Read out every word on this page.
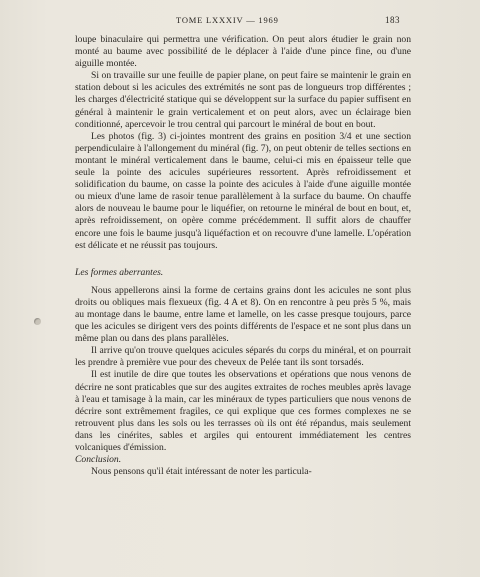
TOME LXXXIV — 1969	183

loupe binaculaire qui permettra une vérification. On peut alors étudier le grain non monté au baume avec possibilité de le déplacer à l'aide d'une pince fine, ou d'une aiguille montée.

Si on travaille sur une feuille de papier plane, on peut faire se maintenir le grain en station debout si les acicules des extrémités ne sont pas de longueurs trop différentes ; les charges d'électricité statique qui se développent sur la surface du papier suffisent en général à maintenir le grain verticalement et on peut alors, avec un éclairage bien conditionné, apercevoir le trou central qui parcourt le minéral de bout en bout.

Les photos (fig. 3) ci-jointes montrent des grains en position 3/4 et une section perpendiculaire à l'allongement du minéral (fig. 7), on peut obtenir de telles sections en montant le minéral verticalement dans le baume, celui-ci mis en épaisseur telle que seule la pointe des acicules supérieures ressortent. Après refroidissement et solidification du baume, on casse la pointe des acicules à l'aide d'une aiguille montée ou mieux d'une lame de rasoir tenue parallèlement à la surface du baume. On chauffe alors de nouveau le baume pour le liquéfier, on retourne le minéral de bout en bout, et, après refroidissement, on opère comme précédemment. Il suffit alors de chauffer encore une fois le baume jusqu'à liquéfaction et on recouvre d'une lamelle. L'opération est délicate et ne réussit pas toujours.

Les formes aberrantes.

Nous appellerons ainsi la forme de certains grains dont les acicules ne sont plus droits ou obliques mais flexueux (fig. 4 A et 8). On en rencontre à peu près 5 %, mais au montage dans le baume, entre lame et lamelle, on les casse presque toujours, parce que les acicules se dirigent vers des points différents de l'espace et ne sont plus dans un même plan ou dans des plans parallèles.

Il arrive qu'on trouve quelques acicules séparés du corps du minéral, et on pourrait les prendre à première vue pour des cheveux de Pelée tant ils sont torsadés.

Il est inutile de dire que toutes les observations et opérations que nous venons de décrire ne sont praticables que sur des augites extraites de roches meubles après lavage à l'eau et tamisage à la main, car les minéraux de types particuliers que nous venons de décrire sont extrêmement fragiles, ce qui explique que ces formes complexes ne se retrouvent plus dans les sols ou les terrasses où ils ont été répandus, mais seulement dans les cinérites, sables et argiles qui entourent immédiatement les centres volcaniques d'émission.

Conclusion.

Nous pensons qu'il était intéressant de noter les particula-
